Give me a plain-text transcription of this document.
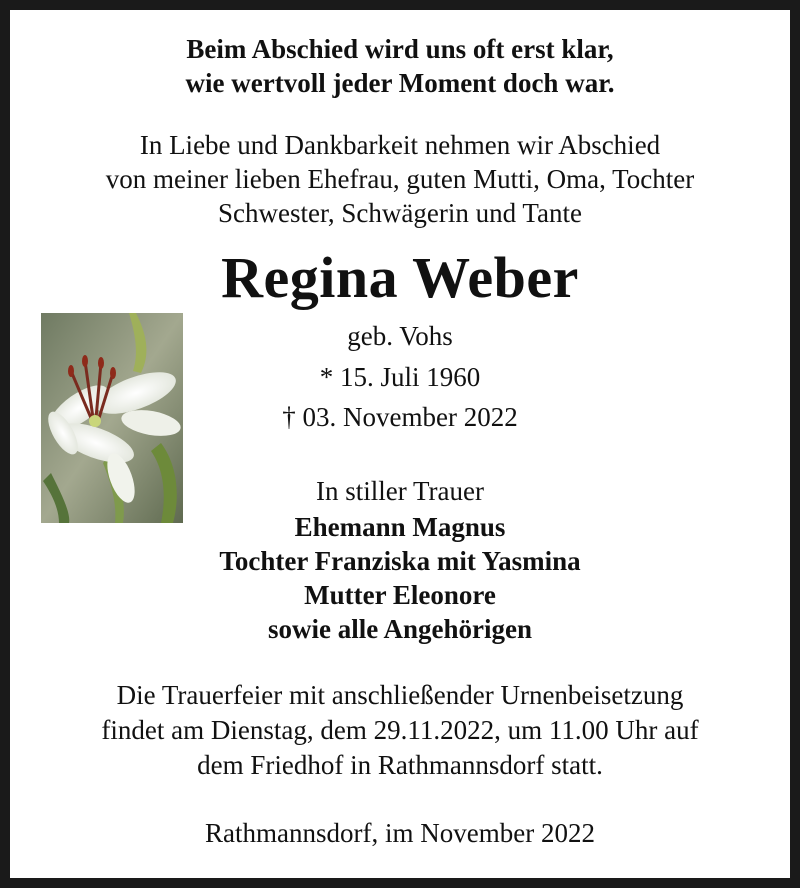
Beim Abschied wird uns oft erst klar,
wie wertvoll jeder Moment doch war.
In Liebe und Dankbarkeit nehmen wir Abschied
von meiner lieben Ehefrau, guten Mutti, Oma, Tochter
Schwester, Schwägerin und Tante
Regina Weber
geb. Vohs
* 15. Juli 1960
† 03. November 2022
In stiller Trauer
Ehemann Magnus
Tochter Franziska mit Yasmina
Mutter Eleonore
sowie alle Angehörigen
Die Trauerfeier mit anschließender Urnenbeisetzung
findet am Dienstag, dem 29.11.2022, um 11.00 Uhr auf
dem Friedhof in Rathmannsdorf statt.
Rathmannsdorf, im November 2022
